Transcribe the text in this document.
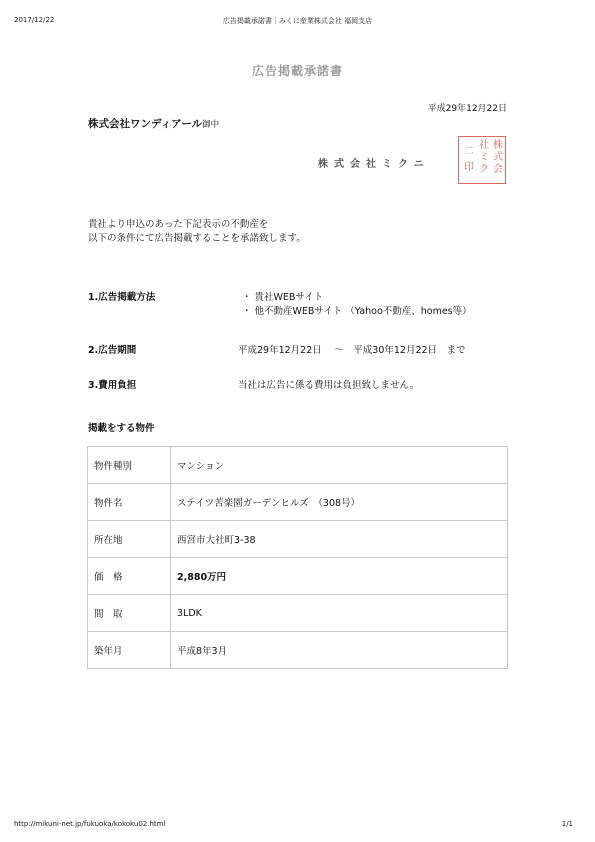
2017/12/22	広告掲載承諾書｜みくに産業株式会社 福岡支店
広告掲載承諾書
平成29年12月22日
株式会社ワンディアール御中
株式会社ミクニ
株
式
会
社
ミ
ク
二
印
貴社より申込のあった下記表示の不動産を
以下の条件にて広告掲載することを承諾致します。
1.広告掲載方法	・ 貴社WEBサイト
・ 他不動産WEBサイト （Yahoo不動産、homes等）
2.広告期間	平成29年12月22日　 ～　平成30年12月22日　まで
3.費用負担	当社は広告に係る費用は負担致しません。
掲載をする物件
物件種別	マンション
物件名	ステイツ苦楽園ガーデンヒルズ　（308号）
所在地	西宮市大社町3-38
価　格	2,880万円
間　取	3LDK
築年月	平成8年3月
http://mikuni-net.jp/fukuoka/kokoku02.html	1/1
